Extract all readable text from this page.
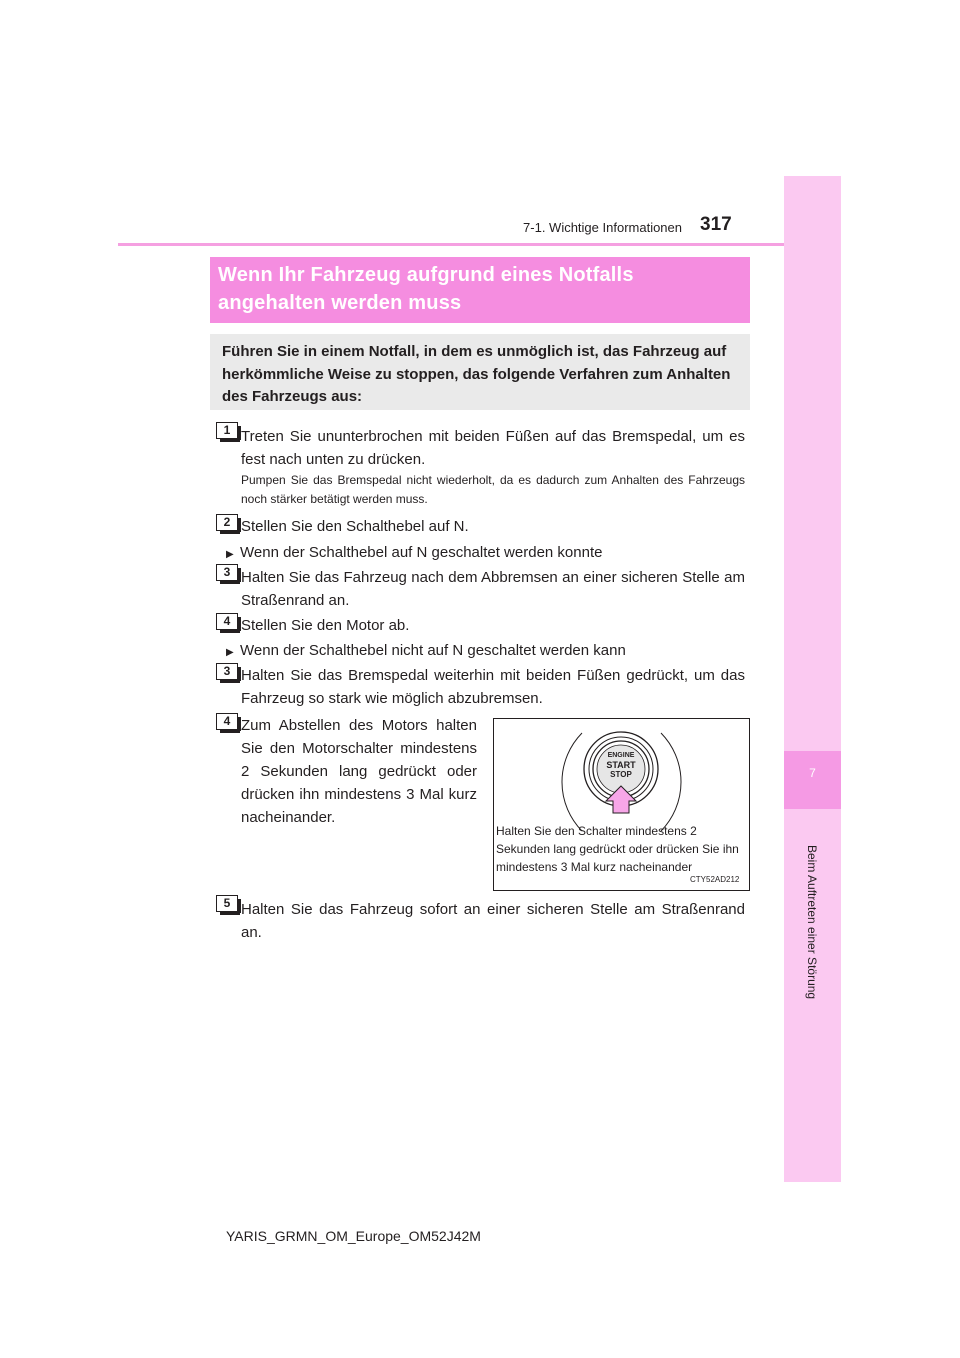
7-1. Wichtige Informationen 317
7
Beim Auftreten einer Störung
Wenn Ihr Fahrzeug aufgrund eines Notfalls angehalten werden muss
Führen Sie in einem Notfall, in dem es unmöglich ist, das Fahrzeug auf herkömmliche Weise zu stoppen, das folgende Verfahren zum Anhalten des Fahrzeugs aus:
1 Treten Sie ununterbrochen mit beiden Füßen auf das Bremspedal, um es fest nach unten zu drücken.
Pumpen Sie das Bremspedal nicht wiederholt, da es dadurch zum Anhalten des Fahrzeugs noch stärker betätigt werden muss.
2 Stellen Sie den Schalthebel auf N.
▶ Wenn der Schalthebel auf N geschaltet werden konnte
3 Halten Sie das Fahrzeug nach dem Abbremsen an einer sicheren Stelle am Straßenrand an.
4 Stellen Sie den Motor ab.
▶ Wenn der Schalthebel nicht auf N geschaltet werden kann
3 Halten Sie das Bremspedal weiterhin mit beiden Füßen gedrückt, um das Fahrzeug so stark wie möglich abzubremsen.
4 Zum Abstellen des Motors halten Sie den Motorschalter mindestens 2 Sekunden lang gedrückt oder drücken ihn mindestens 3 Mal kurz nacheinander.
ENGINE
START
STOP
Halten Sie den Schalter mindestens 2 Sekunden lang gedrückt oder drücken Sie ihn mindestens 3 Mal kurz nacheinander
CTY52AD212
5 Halten Sie das Fahrzeug sofort an einer sicheren Stelle am Straßenrand an.
YARIS_GRMN_OM_Europe_OM52J42M
